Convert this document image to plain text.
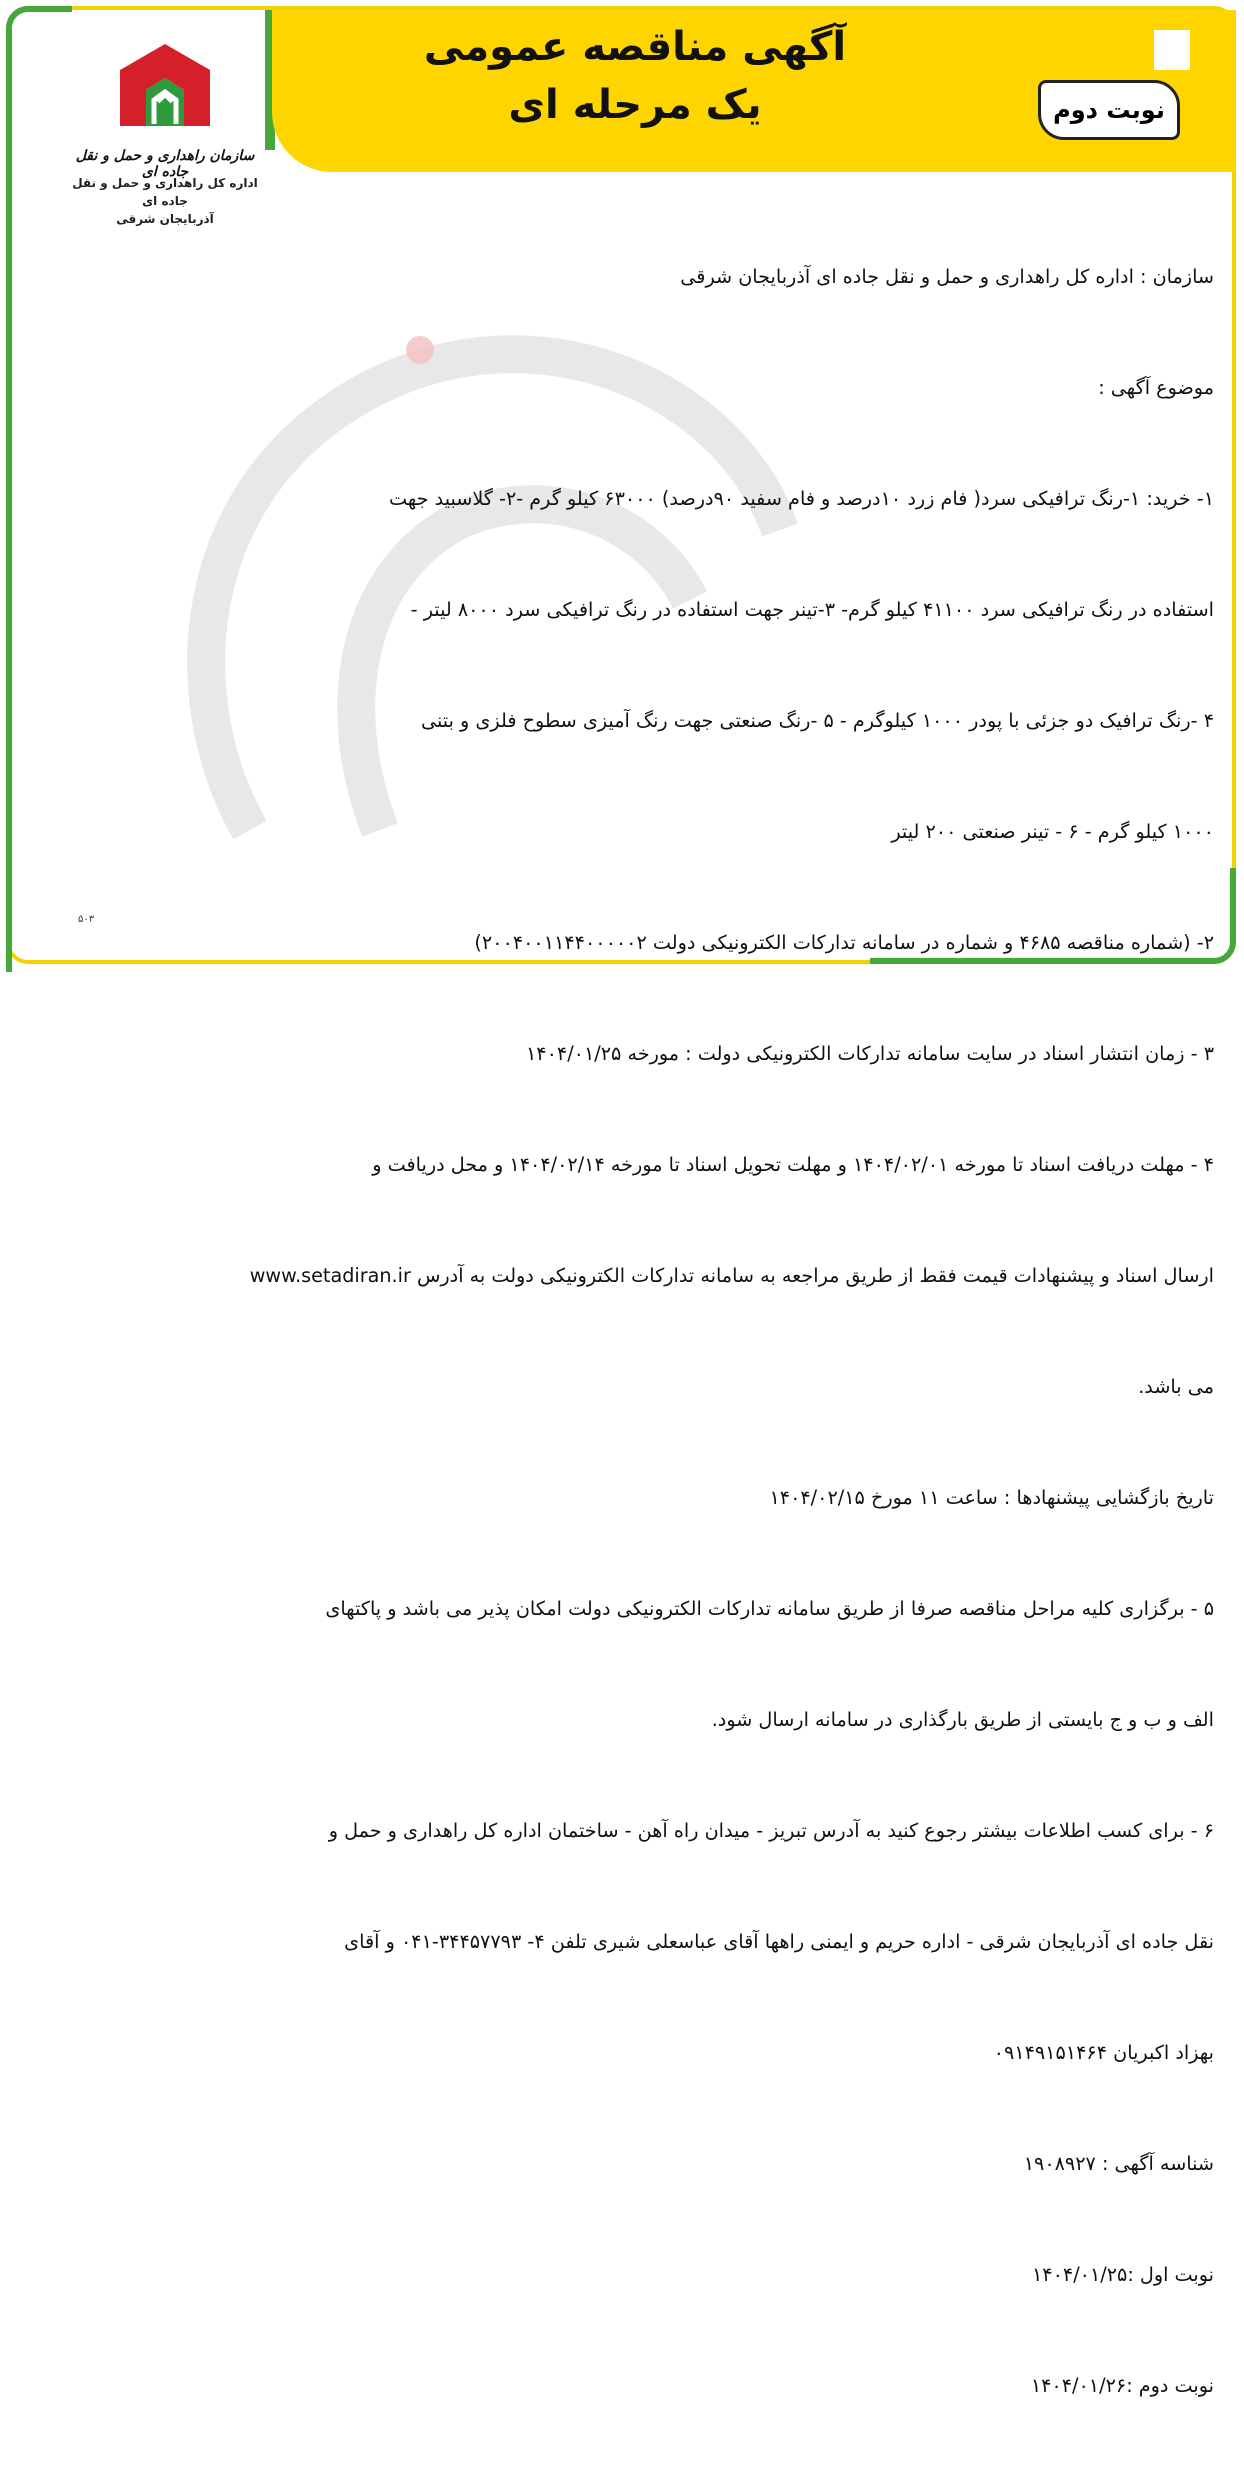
آگهی مناقصه عمومی
یک مرحله ای	نوبت دوم
سازمان راهداری و حمل و نقل جاده ای
اداره کل راهداری و حمل و نقل جاده ای
آذربایجان شرقی

سازمان : اداره کل راهداری و حمل و نقل جاده ای آذربایجان شرقی

موضوع آگهی :

۱- خرید: ۱-رنگ ترافیکی سرد( فام زرد ۱۰درصد و فام سفید ۹۰درصد) ۶۳۰۰۰ کیلو گرم -۲- گلاسبید جهت

استفاده در رنگ ترافیکی سرد ۴۱۱۰۰ کیلو گرم- ۳-تینر جهت استفاده در رنگ ترافیکی سرد ۸۰۰۰ لیتر -

۴ -رنگ ترافیک دو جزئی با پودر ۱۰۰۰ کیلوگرم - ۵ -رنگ صنعتی جهت رنگ آمیزی سطوح فلزی و بتنی

۱۰۰۰ کیلو گرم - ۶ - تینر صنعتی ۲۰۰ لیتر

۲- (شماره مناقصه ۴۶۸۵ و شماره در سامانه تدارکات الکترونیکی دولت ۲۰۰۴۰۰۱۱۴۴۰۰۰۰۰۲)

۳ - زمان انتشار اسناد در سایت سامانه تدارکات الکترونیکی دولت : مورخه ۱۴۰۴/۰۱/۲۵

۴ - مهلت دریافت اسناد تا مورخه ۱۴۰۴/۰۲/۰۱ و مهلت تحویل اسناد تا مورخه ۱۴۰۴/۰۲/۱۴ و محل دریافت و

ارسال اسناد و پیشنهادات قیمت فقط از طریق مراجعه به سامانه تدارکات الکترونیکی دولت به آدرس www.setadiran.ir

می باشد.

تاریخ بازگشایی پیشنهادها : ساعت ۱۱ مورخ ۱۴۰۴/۰۲/۱۵

۵ - برگزاری کلیه مراحل مناقصه صرفا از طریق سامانه تدارکات الکترونیکی دولت امکان پذیر می باشد و پاکتهای

الف و ب و ج بایستی از طریق بارگذاری در سامانه ارسال شود.

۶ - برای کسب اطلاعات بیشتر رجوع کنید به آدرس تبریز - میدان راه آهن - ساختمان اداره کل راهداری و حمل و

نقل جاده ای آذربایجان شرقی - اداره حریم و ایمنی راهها آقای عباسعلی شیری تلفن ۴- ۳۴۴۵۷۷۹۳-۰۴۱ و آقای

بهزاد اکبریان ۰۹۱۴۹۱۵۱۴۶۴

شناسه آگهی : ۱۹۰۸۹۲۷

نوبت اول :۱۴۰۴/۰۱/۲۵

نوبت دوم :۱۴۰۴/۰۱/۲۶

۵۰۳
